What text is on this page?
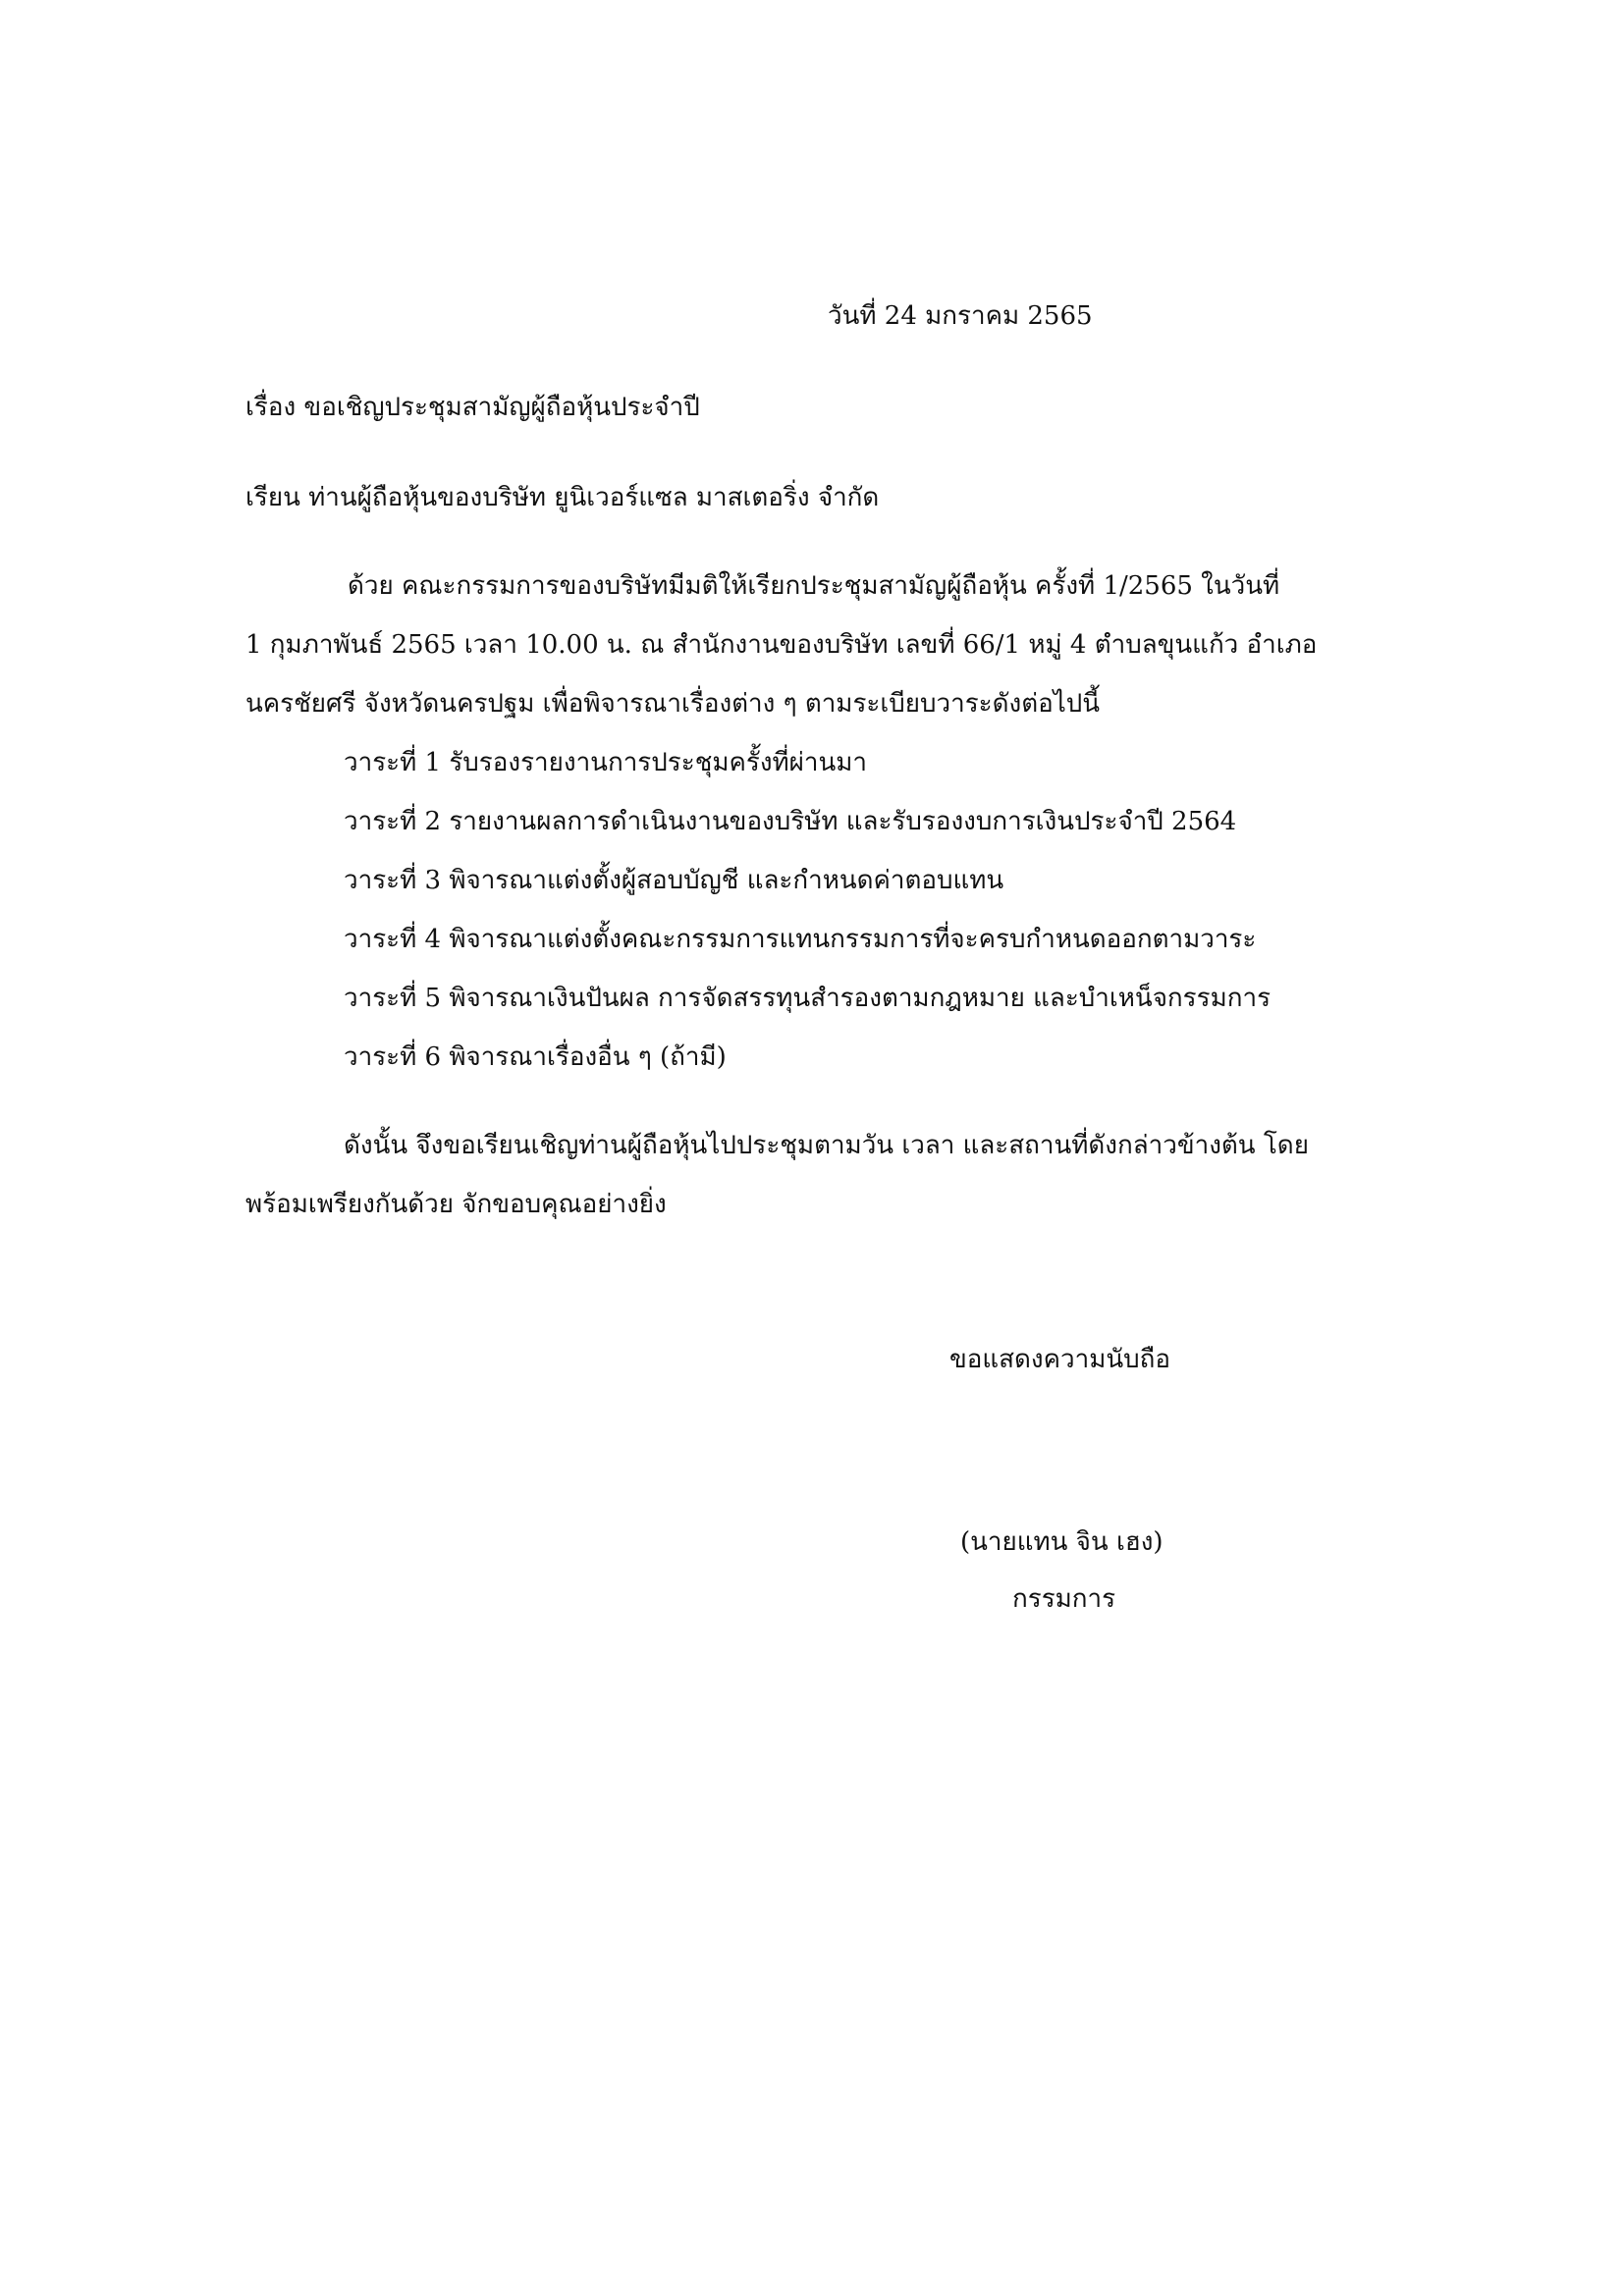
วันที่ 24 มกราคม 2565
เรื่อง ขอเชิญประชุมสามัญผู้ถือหุ้นประจำปี
เรียน ท่านผู้ถือหุ้นของบริษัท ยูนิเวอร์แซล มาสเตอริ่ง จำกัด
ด้วย คณะกรรมการของบริษัทมีมติให้เรียกประชุมสามัญผู้ถือหุ้น ครั้งที่ 1/2565 ในวันที่
1 กุมภาพันธ์ 2565 เวลา 10.00 น. ณ สำนักงานของบริษัท เลขที่ 66/1 หมู่ 4 ตำบลขุนแก้ว อำเภอ
นครชัยศรี จังหวัดนครปฐม เพื่อพิจารณาเรื่องต่าง ๆ ตามระเบียบวาระดังต่อไปนี้
วาระที่ 1 รับรองรายงานการประชุมครั้งที่ผ่านมา
วาระที่ 2 รายงานผลการดำเนินงานของบริษัท และรับรองงบการเงินประจำปี 2564
วาระที่ 3 พิจารณาแต่งตั้งผู้สอบบัญชี และกำหนดค่าตอบแทน
วาระที่ 4 พิจารณาแต่งตั้งคณะกรรมการแทนกรรมการที่จะครบกำหนดออกตามวาระ
วาระที่ 5 พิจารณาเงินปันผล การจัดสรรทุนสำรองตามกฎหมาย และบำเหน็จกรรมการ
วาระที่ 6 พิจารณาเรื่องอื่น ๆ (ถ้ามี)
ดังนั้น จึงขอเรียนเชิญท่านผู้ถือหุ้นไปประชุมตามวัน เวลา และสถานที่ดังกล่าวข้างต้น โดย
พร้อมเพรียงกันด้วย จักขอบคุณอย่างยิ่ง
ขอแสดงความนับถือ
(นายแทน จิน เฮง)
กรรมการ
